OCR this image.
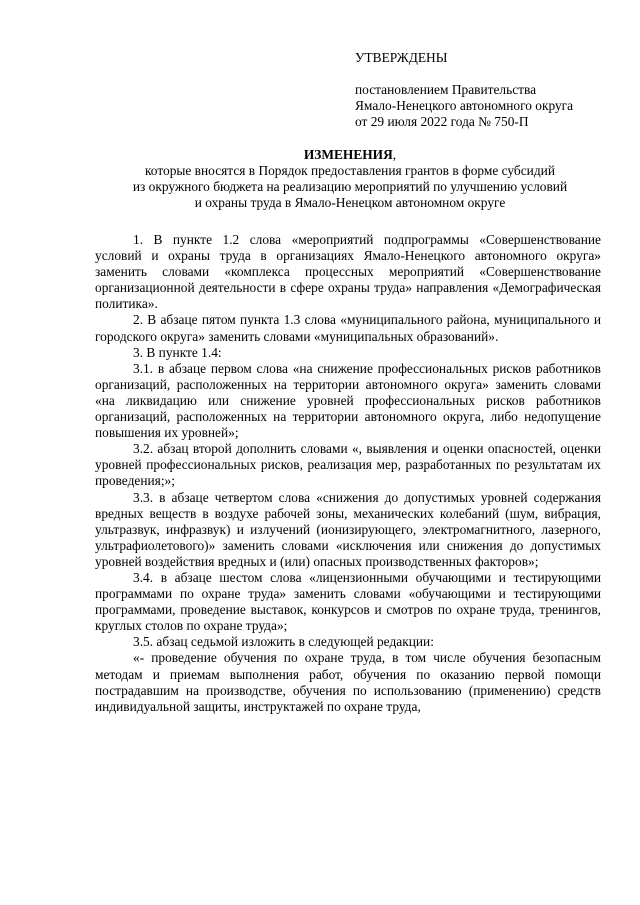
УТВЕРЖДЕНЫ
постановлением Правительства
Ямало-Ненецкого автономного округа
от 29 июля 2022 года № 750-П
ИЗМЕНЕНИЯ,
которые вносятся в Порядок предоставления грантов в форме субсидий
из окружного бюджета на реализацию мероприятий по улучшению условий
и охраны труда в Ямало-Ненецком автономном округе

1. В пункте 1.2 слова «мероприятий подпрограммы «Совершенствование условий и охраны труда в организациях Ямало-Ненецкого автономного округа» заменить словами «комплекса процессных мероприятий «Совершенствование организационной деятельности в сфере охраны труда» направления «Демографическая политика».

2. В абзаце пятом пункта 1.3 слова «муниципального района, муниципального и городского округа» заменить словами «муниципальных образований».

3. В пункте 1.4:

3.1. в абзаце первом слова «на снижение профессиональных рисков работников организаций, расположенных на территории автономного округа» заменить словами «на ликвидацию или снижение уровней профессиональных рисков работников организаций, расположенных на территории автономного округа, либо недопущение повышения их уровней»;

3.2. абзац второй дополнить словами «, выявления и оценки опасностей, оценки уровней профессиональных рисков, реализация мер, разработанных по результатам их проведения;»;

3.3. в абзаце четвертом слова «снижения до допустимых уровней содержания вредных веществ в воздухе рабочей зоны, механических колебаний (шум, вибрация, ультразвук, инфразвук) и излучений (ионизирующего, электромагнитного, лазерного, ультрафиолетового)» заменить словами «исключения или снижения до допустимых уровней воздействия вредных и (или) опасных производственных факторов»;

3.4. в абзаце шестом слова «лицензионными обучающими и тестирующими программами по охране труда» заменить словами «обучающими и тестирующими программами, проведение выставок, конкурсов и смотров по охране труда, тренингов, круглых столов по охране труда»;

3.5. абзац седьмой изложить в следующей редакции:

«- проведение обучения по охране труда, в том числе обучения безопасным методам и приемам выполнения работ, обучения по оказанию первой помощи пострадавшим на производстве, обучения по использованию (применению) средств индивидуальной защиты, инструктажей по охране труда,
